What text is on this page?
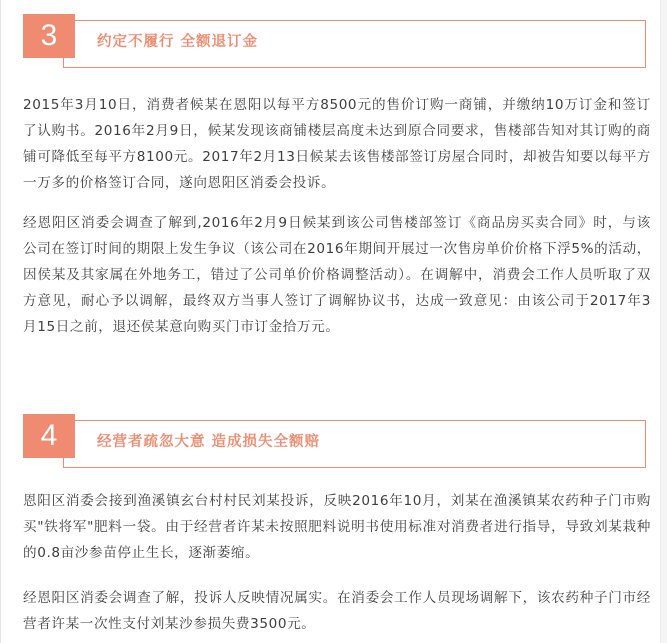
3	约定不履行 全额退订金

2015年3月10日，消费者候某在恩阳以每平方8500元的售价订购一商铺，并缴纳10万订金和签订了认购书。2016年2月9日，候某发现该商铺楼层高度未达到原合同要求，售楼部告知对其订购的商铺可降低至每平方8100元。2017年2月13日候某去该售楼部签订房屋合同时，却被告知要以每平方一万多的价格签订合同，遂向恩阳区消委会投诉。

经恩阳区消委会调查了解到,2016年2月9日候某到该公司售楼部签订《商品房买卖合同》时，与该公司在签订时间的期限上发生争议（该公司在2016年期间开展过一次售房单价价格下浮5%的活动，因侯某及其家属在外地务工，错过了公司单价价格调整活动）。在调解中，消费会工作人员听取了双方意见，耐心予以调解，最终双方当事人签订了调解协议书，达成一致意见：由该公司于2017年3月15日之前，退还侯某意向购买门市订金拾万元。

4	经营者疏忽大意 造成损失全额赔

恩阳区消委会接到渔溪镇玄台村村民刘某投诉，反映2016年10月，刘某在渔溪镇某农药种子门市购买"铁将军"肥料一袋。由于经营者许某未按照肥料说明书使用标准对消费者进行指导，导致刘某栽种的0.8亩沙参苗停止生长，逐渐萎缩。

经恩阳区消委会调查了解，投诉人反映情况属实。在消委会工作人员现场调解下，该农药种子门市经营者许某一次性支付刘某沙参损失费3500元。
